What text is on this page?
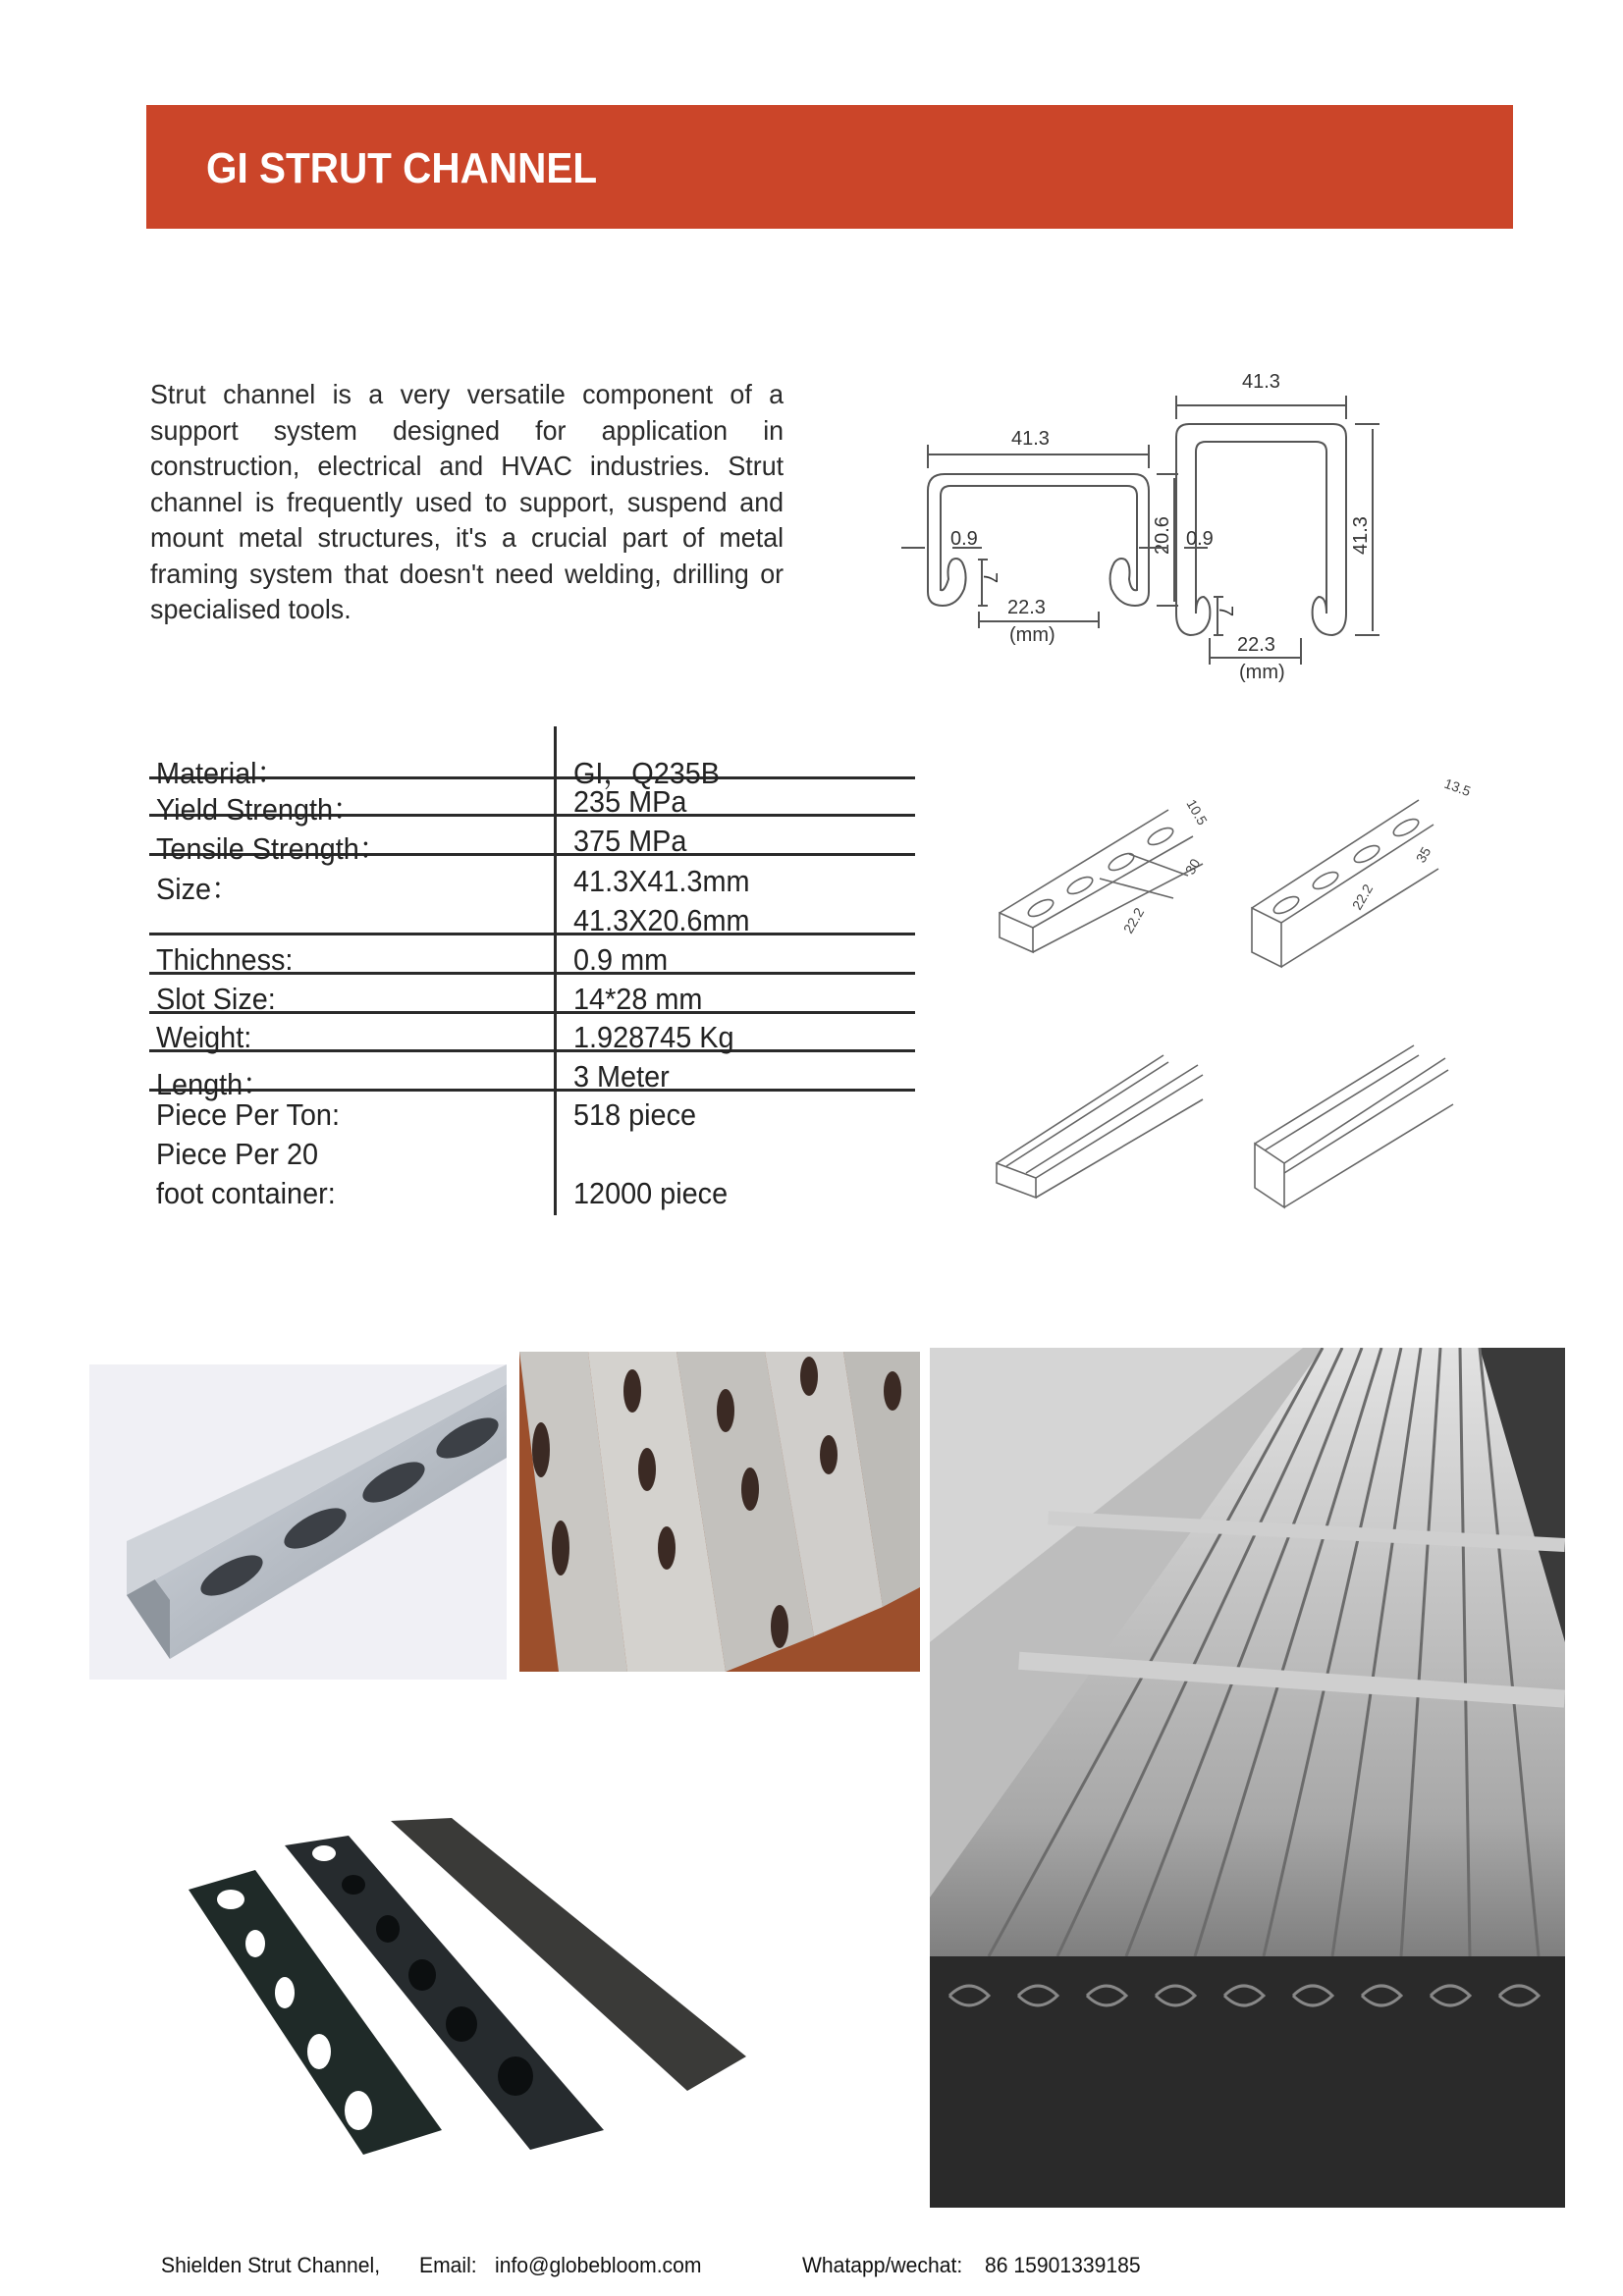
GI STRUT CHANNEL
Strut channel is a very versatile component of a support system designed for application in construction, electrical and HVAC industries. Strut channel is frequently used to support, suspend and mount metal structures, it's a crucial part of metal framing system that doesn't need welding, drilling or specialised tools.
41.3
0.9
22.3
(mm)
20.6
7
41.3
0.9
22.3
(mm)
41.3
7
Material：	GI，Q235B
Yield Strength：	235 MPa
Tensile Strength：	375 MPa
Size：	41.3X41.3mm
41.3X20.6mm
Thichness:	0.9 mm
Slot Size:	14*28 mm
Weight:	1.928745 Kg
Length：	3 Meter
Piece Per Ton:	518 piece
Piece Per 20
foot container:	12000 piece
10.5
30
22.2
13.5
35
22.2
Shielden Strut Channel, Email: info@globebloom.com	Whatapp/wechat: 86 15901339185
